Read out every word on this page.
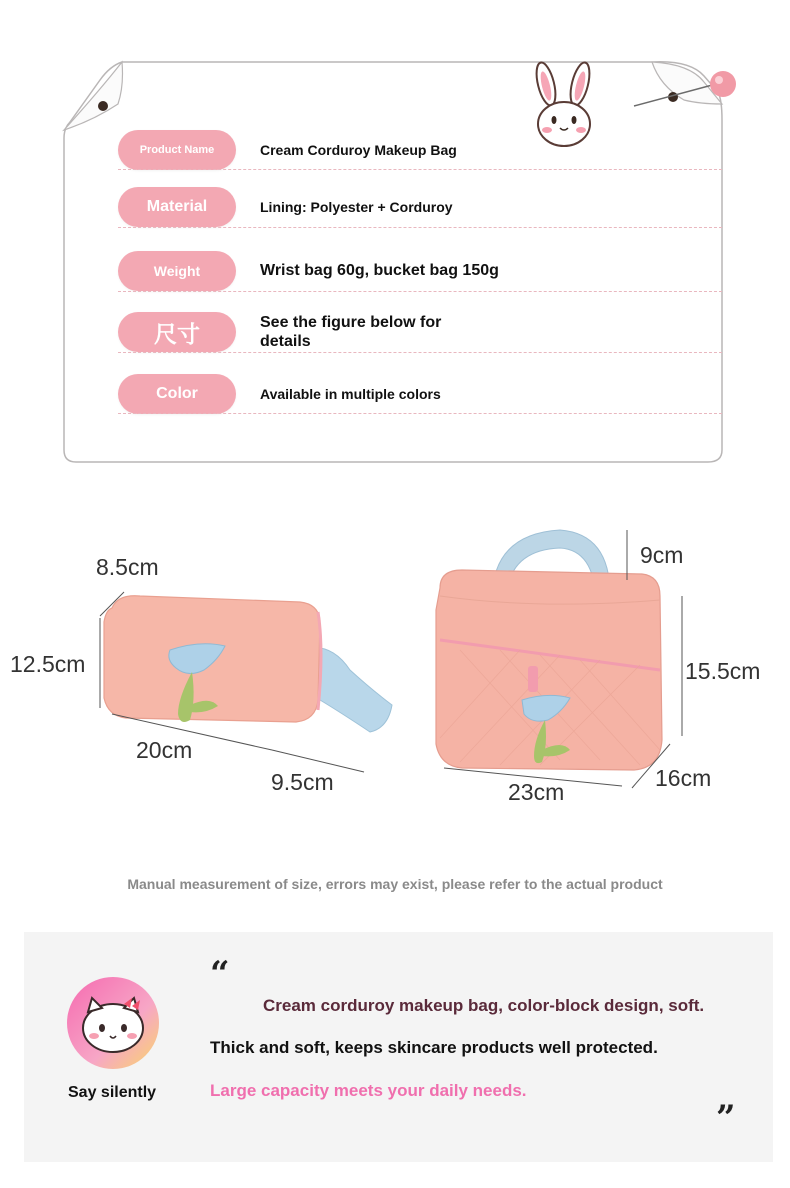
Product Name	Cream Corduroy Makeup Bag
Material	Lining: Polyester + Corduroy
Weight	Wrist bag 60g, bucket bag 150g
尺寸	See the figure below for details
Color	Available in multiple colors
8.5cm
12.5cm
20cm
9.5cm
9cm
15.5cm
16cm
23cm
Manual measurement of size, errors may exist, please refer to the actual product
Say silently
“
Cream corduroy makeup bag, color-block design, soft.
Thick and soft, keeps skincare products well protected.
Large capacity meets your daily needs.
”
